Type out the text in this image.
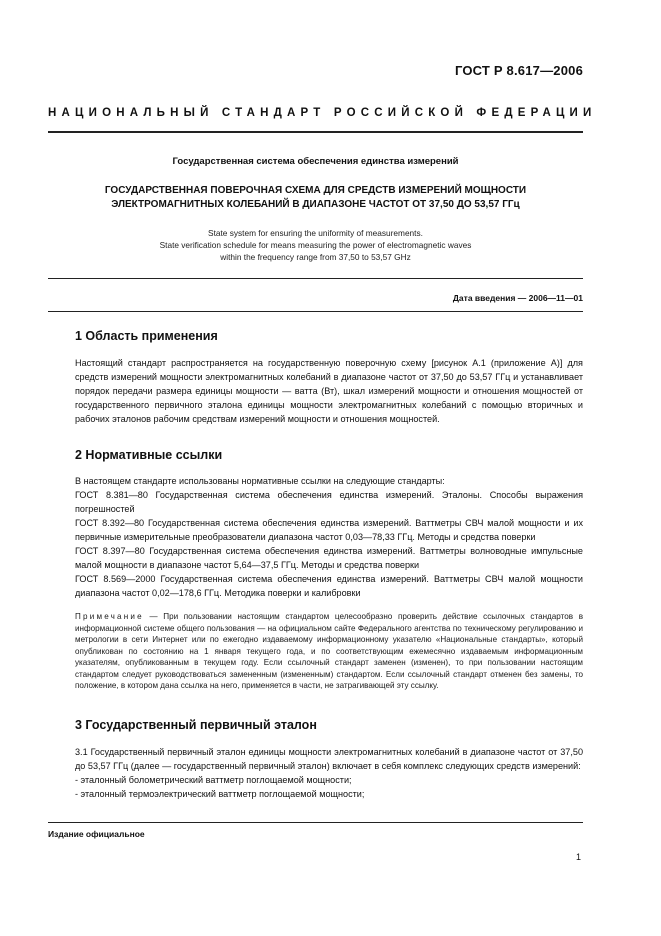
ГОСТ Р 8.617—2006
НАЦИОНАЛЬНЫЙ СТАНДАРТ РОССИЙСКОЙ ФЕДЕРАЦИИ
Государственная система обеспечения единства измерений
ГОСУДАРСТВЕННАЯ ПОВЕРОЧНАЯ СХЕМА ДЛЯ СРЕДСТВ ИЗМЕРЕНИЙ МОЩНОСТИ
ЭЛЕКТРОМАГНИТНЫХ КОЛЕБАНИЙ В ДИАПАЗОНЕ ЧАСТОТ ОТ 37,50 ДО 53,57 ГГц
State system for ensuring the uniformity of measurements.
State verification schedule for means measuring the power of electromagnetic waves
within the frequency range from 37,50 to 53,57 GHz
Дата введения — 2006—11—01
1 Область применения

Настоящий стандарт распространяется на государственную поверочную схему [рисунок А.1 (приложение А)] для средств измерений мощности электромагнитных колебаний в диапазоне частот от 37,50 до 53,57 ГГц и устанавливает порядок передачи размера единицы мощности — ватта (Вт), шкал измерений мощности и отношения мощностей от государственного первичного эталона единицы мощности электромагнитных колебаний с помощью вторичных и рабочих эталонов рабочим средствам измерений мощности и отношения мощностей.

2 Нормативные ссылки

В настоящем стандарте использованы нормативные ссылки на следующие стандарты:

ГОСТ 8.381—80 Государственная система обеспечения единства измерений. Эталоны. Способы выражения погрешностей

ГОСТ 8.392—80 Государственная система обеспечения единства измерений. Ваттметры СВЧ малой мощности и их первичные измерительные преобразователи диапазона частот 0,03—78,33 ГГц. Методы и средства поверки

ГОСТ 8.397—80 Государственная система обеспечения единства измерений. Ваттметры волноводные импульсные малой мощности в диапазоне частот 5,64—37,5 ГГц. Методы и средства поверки

ГОСТ 8.569—2000 Государственная система обеспечения единства измерений. Ваттметры СВЧ малой мощности диапазона частот 0,02—178,6 ГГц. Методика поверки и калибровки

Примечание — При пользовании настоящим стандартом целесообразно проверить действие ссылочных стандартов в информационной системе общего пользования — на официальном сайте Федерального агентства по техническому регулированию и метрологии в сети Интернет или по ежегодно издаваемому информационному указателю «Национальные стандарты», который опубликован по состоянию на 1 января текущего года, и по соответствующим ежемесячно издаваемым информационным указателям, опубликованным в текущем году. Если ссылочный стандарт заменен (изменен), то при пользовании настоящим стандартом следует руководствоваться замененным (измененным) стандартом. Если ссылочный стандарт отменен без замены, то положение, в котором дана ссылка на него, применяется в части, не затрагивающей эту ссылку.
3 Государственный первичный эталон

3.1 Государственный первичный эталон единицы мощности электромагнитных колебаний в диапазоне частот от 37,50 до 53,57 ГГц (далее — государственный первичный эталон) включает в себя комплекс следующих средств измерений:

- эталонный болометрический ваттметр поглощаемой мощности;

- эталонный термоэлектрический ваттметр поглощаемой мощности;

Издание официальное
1
